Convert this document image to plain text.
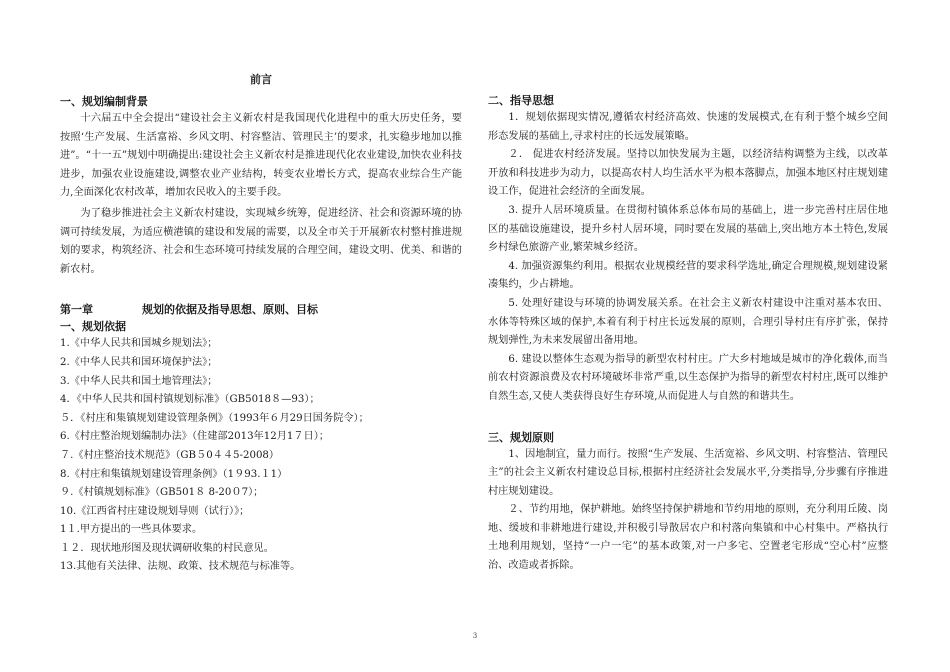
前言
一、规划编制背景

十六届五中全会提出“建设社会主义新农村是我国现代化进程中的重大历史任务，要按照‘生产发展、生活富裕、乡风文明、村容整洁、管理民主’的要求，扎实稳步地加以推进”。“十一五”规划中明确提出:建设社会主义新农村是推进现代化农业建设,加快农业科技进步，加强农业设施建设,调整农业产业结构，转变农业增长方式，提高农业综合生产能力,全面深化农村改革，增加农民收入的主要手段。

为了稳步推进社会主义新农村建设，实现城乡统筹，促进经济、社会和资源环境的协调可持续发展，为适应横港镇的建设和发展的需要，以及全市关于开展新农村整村推进规划的要求，构筑经济、社会和生态环境可持续发展的合理空间，建设文明、优美、和谐的新农村。

第一章	规划的依据及指导思想、原则、目标
一、规划依据
1.《中华人民共和国城乡规划法》；
2.《中华人民共和国环境保护法》；
3.《中华人民共和国土地管理法》；
4．《中华人民共和国村镇规划标准》（GB5018８—93）；
５．《村庄和集镇规划建设管理条例》（1993年６月29日国务院令）；
6.《村庄整治规划编制办法》（住建部2013年12月1７日）；
７.《村庄整治技术规范》（GB５0４４5-2008）
8.《村庄和集镇规划建设管理条例》（1９93.１1）
９.《村镇规划标准》（GB501８ 8-20０7）；
10.《江西省村庄建设规划导则（试行）》；
1１.甲方提出的一些具体要求。
１２．现状地形图及现状调研收集的村民意见。
13.其他有关法律、法规、政策、技术规范与标准等。
二、指导思想

1．规划依据现实情况,遵循农村经济高效、快速的发展模式,在有利于整个城乡空间形态发展的基础上,寻求村庄的长远发展策略。

２． 促进农村经济发展。坚持以加快发展为主题，以经济结构调整为主线，以改革开放和科技进步为动力，以提高农村人均生活水平为根本落脚点，加强本地区村庄规划建设工作，促进社会经济的全面发展。

3. 提升人居环境质量。在贯彻村镇体系总体布局的基础上，进一步完善村庄居住地区的基础设施建设，提升乡村人居环境，同时要在发展的基础上,突出地方本土特色,发展乡村绿色旅游产业,繁荣城乡经济。

4. 加强资源集约利用。根据农业规模经营的要求科学选址,确定合理规模,规划建设紧凑集约，少占耕地。

5. 处理好建设与环境的协调发展关系。在社会主义新农村建设中注重对基本农田、水体等特殊区域的保护,本着有利于村庄长远发展的原则，合理引导村庄有序扩张，保持规划弹性,为未来发展留出备用地。

6. 建设以整体生态观为指导的新型农村村庄。广大乡村地域是城市的净化载体,而当前农村资源浪费及农村环境破坏非常严重,以生态保护为指导的新型农村村庄,既可以维护自然生态,又使人类获得良好生存环境,从而促进人与自然的和谐共生。

三、规划原则

1、因地制宜，量力而行。按照“生产发展、生活宽裕、乡风文明、村容整洁、管理民主”的社会主义新农村建设总目标,根据村庄经济社会发展水平,分类指导,分步骤有序推进村庄规划建设。

２、节约用地，保护耕地。始终坚持保护耕地和节约用地的原则，充分利用丘陵、岗地、缓坡和非耕地进行建设,并积极引导散居农户和村落向集镇和中心村集中。严格执行土地利用规划，坚持“一户一宅”的基本政策,对一户多宅、空置老宅形成“空心村”应整治、改造或者拆除。

3
